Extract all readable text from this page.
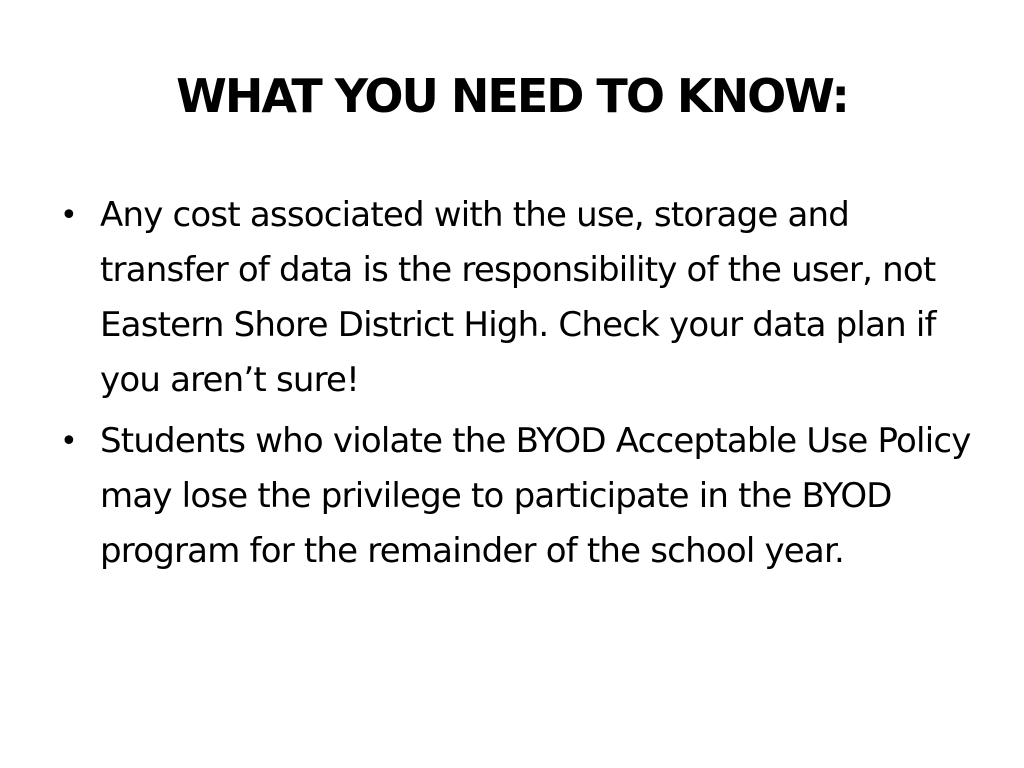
WHAT YOU NEED TO KNOW:
• Any cost associated with the use, storage and transfer of data is the responsibility of the user, not Eastern Shore District High. Check your data plan if you aren’t sure!
• Students who violate the BYOD Acceptable Use Policy may lose the privilege to participate in the BYOD program for the remainder of the school year.
